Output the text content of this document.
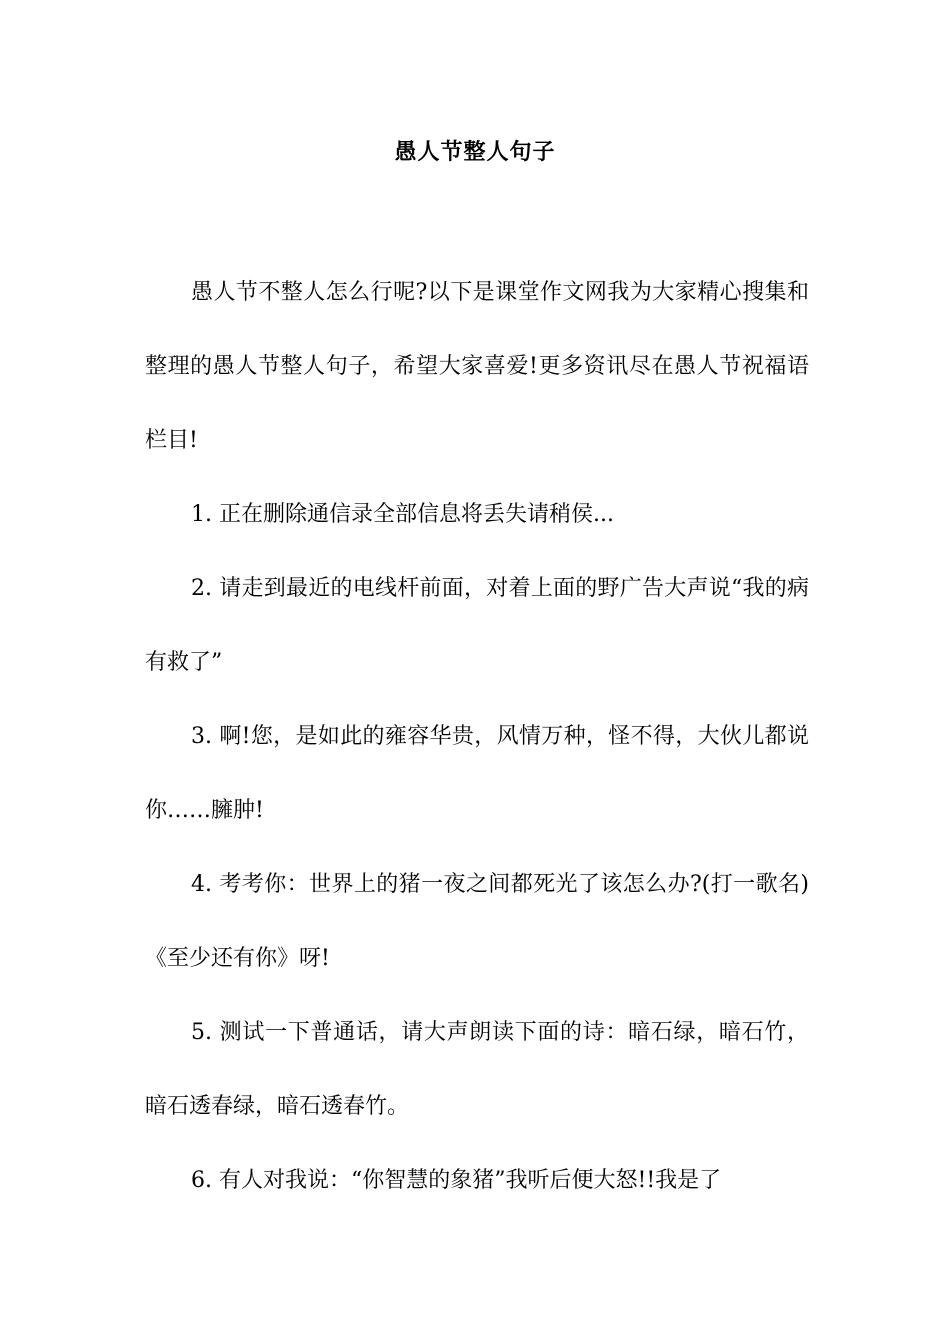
愚人节整人句子

愚人节不整人怎么行呢?以下是课堂作文网我为大家精心搜集和整理的愚人节整人句子，希望大家喜爱!更多资讯尽在愚人节祝福语栏目!

1. 正在删除通信录全部信息将丢失请稍侯...

2. 请走到最近的电线杆前面，对着上面的野广告大声说“我的病有救了”

3. 啊!您，是如此的雍容华贵，风情万种，怪不得，大伙儿都说你……臃肿!

4. 考考你：世界上的猪一夜之间都死光了该怎么办?(打一歌名)《至少还有你》呀!

5. 测试一下普通话，请大声朗读下面的诗：暗石绿，暗石竹，暗石透春绿，暗石透春竹。

6. 有人对我说：“你智慧的象猪”我听后便大怒!!我是了
